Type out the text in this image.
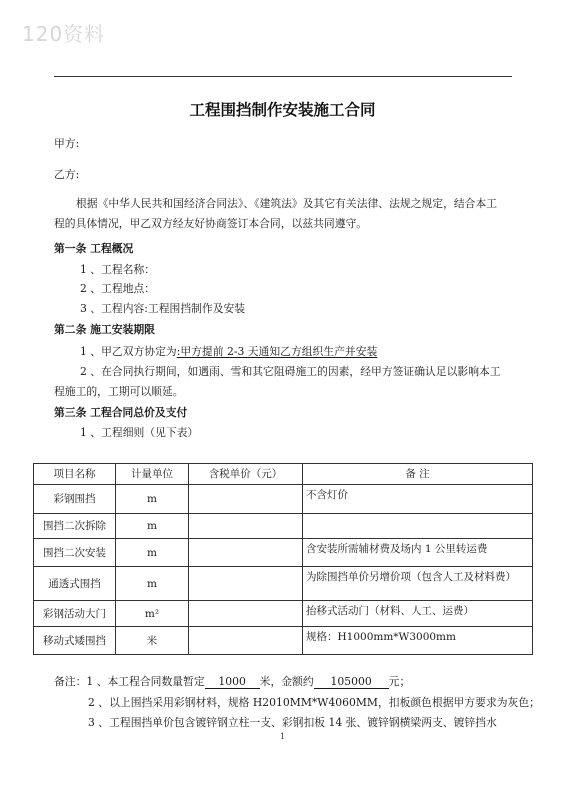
120资料
工程围挡制作安装施工合同
甲方:
乙方:
根据《中华人民共和国经济合同法》、《建筑法》及其它有关法律、法规之规定，结合本工
程的具体情况，甲乙双方经友好协商签订本合同，以兹共同遵守。
第一条 工程概况
1 、工程名称：
2 、工程地点：
3 、工程内容:工程围挡制作及安装
第二条 施工安装期限
1 、甲乙双方协定为:甲方提前 2-3 天通知乙方组织生产并安装
2 、在合同执行期间，如遇雨、雪和其它阻碍施工的因素，经甲方签证确认足以影响本工
程施工的，工期可以顺延。
第三条 工程合同总价及支付
1 、工程细则（见下表）
项目名称	计量单位	含税单价（元）	备 注
彩钢围挡	m		不含灯价
围挡二次拆除	m		
围挡二次安装	m		含安装所需辅材费及场内 1 公里转运费
通透式围挡	m		为除围挡单价另增价项（包含人工及材料费）
彩钢活动大门	m²		抬移式活动门（材料、人工、运费）
移动式矮围挡	米		规格：H1000mm*W3000mm
备注：1 、本工程合同数量暂定 1000 米，金额约 105000 元；
2 、以上围挡采用彩钢材料，规格 H2010MM*W4060MM，扣板颜色根据甲方要求为灰色；
3 、工程围挡单价包含镀锌钢立柱一支、彩钢扣板 14 张、镀锌钢横梁两支、镀锌挡水
1
